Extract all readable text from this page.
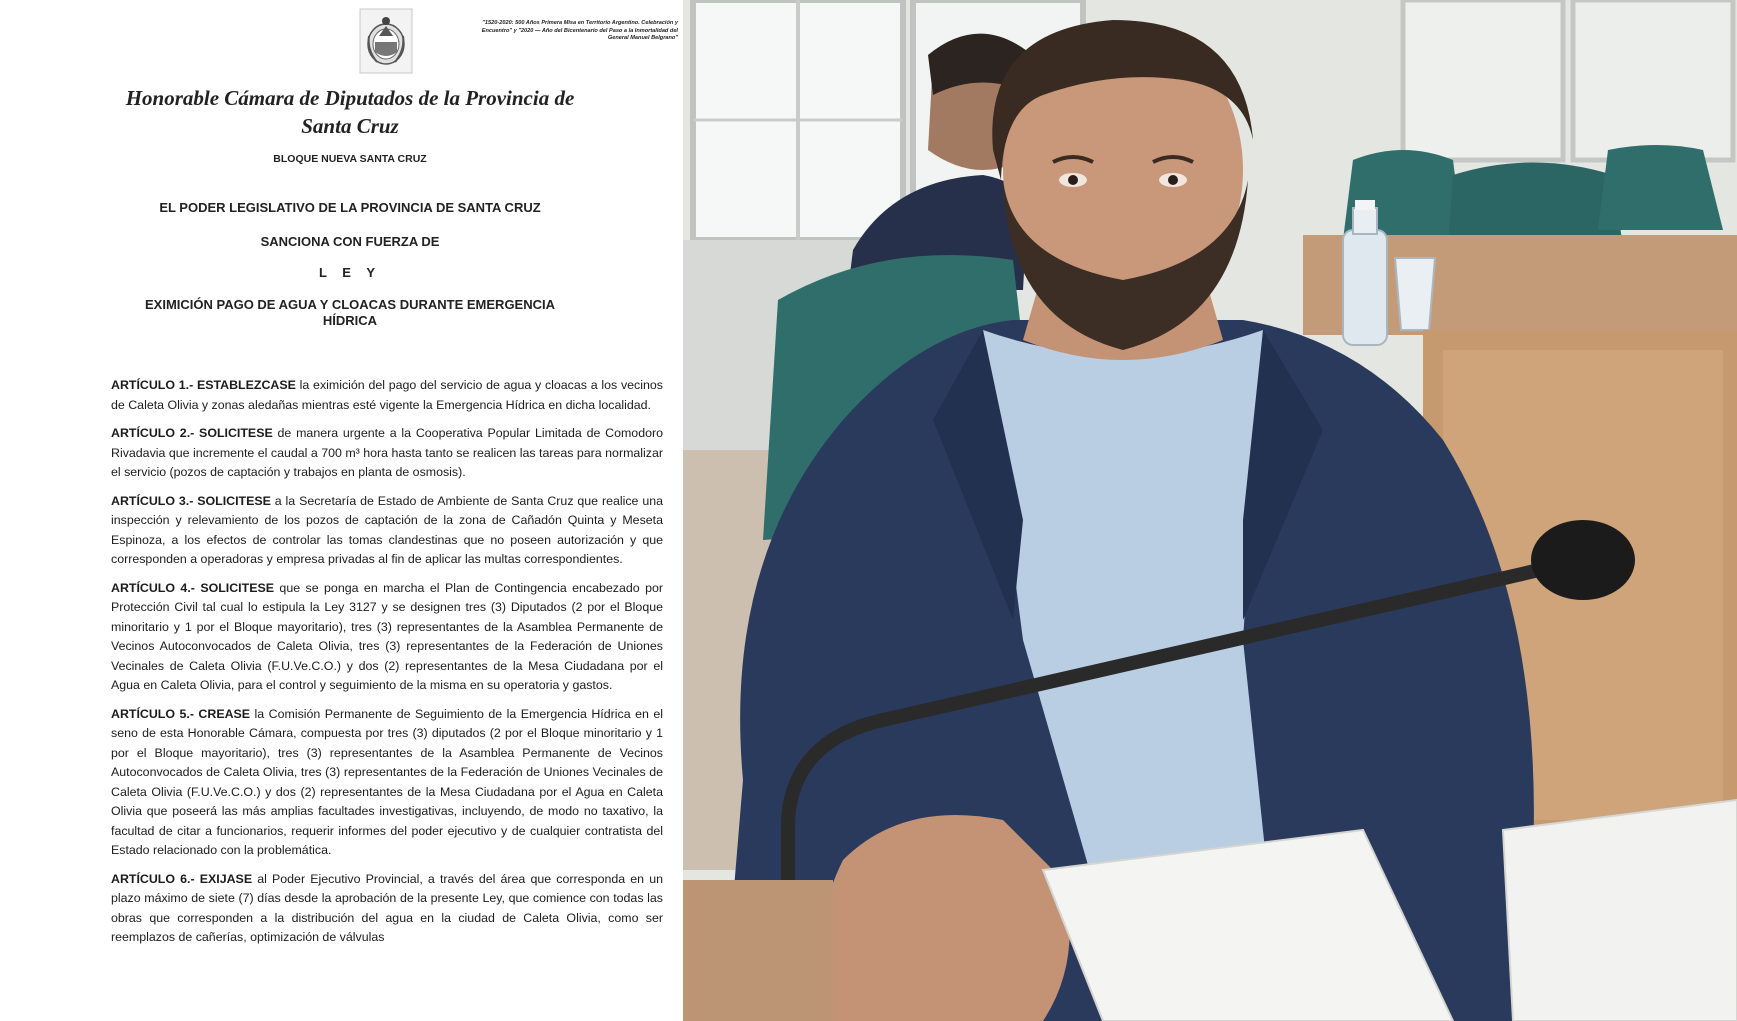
"1520-2020: 500 Años Primera Misa en Territorio Argentino. Celebración y Encuentro" y "2020 — Año del Bicentenario del Paso a la Inmortalidad del General Manuel Belgrano"
Honorable Cámara de Diputados de la Provincia de Santa Cruz
BLOQUE NUEVA SANTA CRUZ
EL PODER LEGISLATIVO DE LA PROVINCIA DE SANTA CRUZ
SANCIONA CON FUERZA DE
L E Y
EXIMICIÓN PAGO DE AGUA Y CLOACAS DURANTE EMERGENCIA HÍDRICA

ARTÍCULO 1.- ESTABLEZCASE la eximición del pago del servicio de agua y cloacas a los vecinos de Caleta Olivia y zonas aledañas mientras esté vigente la Emergencia Hídrica en dicha localidad.

ARTÍCULO 2.- SOLICITESE de manera urgente a la Cooperativa Popular Limitada de Comodoro Rivadavia que incremente el caudal a 700 m³ hora hasta tanto se realicen las tareas para normalizar el servicio (pozos de captación y trabajos en planta de osmosis).

ARTÍCULO 3.- SOLICITESE a la Secretaría de Estado de Ambiente de Santa Cruz que realice una inspección y relevamiento de los pozos de captación de la zona de Cañadón Quinta y Meseta Espinoza, a los efectos de controlar las tomas clandestinas que no poseen autorización y que corresponden a operadoras y empresa privadas al fin de aplicar las multas correspondientes.

ARTÍCULO 4.- SOLICITESE que se ponga en marcha el Plan de Contingencia encabezado por Protección Civil tal cual lo estipula la Ley 3127 y se designen tres (3) Diputados (2 por el Bloque minoritario y 1 por el Bloque mayoritario), tres (3) representantes de la Asamblea Permanente de Vecinos Autoconvocados de Caleta Olivia, tres (3) representantes de la Federación de Uniones Vecinales de Caleta Olivia (F.U.Ve.C.O.) y dos (2) representantes de la Mesa Ciudadana por el Agua en Caleta Olivia, para el control y seguimiento de la misma en su operatoria y gastos.

ARTÍCULO 5.- CREASE la Comisión Permanente de Seguimiento de la Emergencia Hídrica en el seno de esta Honorable Cámara, compuesta por tres (3) diputados (2 por el Bloque minoritario y 1 por el Bloque mayoritario), tres (3) representantes de la Asamblea Permanente de Vecinos Autoconvocados de Caleta Olivia, tres (3) representantes de la Federación de Uniones Vecinales de Caleta Olivia (F.U.Ve.C.O.) y dos (2) representantes de la Mesa Ciudadana por el Agua en Caleta Olivia que poseerá las más amplias facultades investigativas, incluyendo, de modo no taxativo, la facultad de citar a funcionarios, requerir informes del poder ejecutivo y de cualquier contratista del Estado relacionado con la problemática.

ARTÍCULO 6.- EXIJASE al Poder Ejecutivo Provincial, a través del área que corresponda en un plazo máximo de siete (7) días desde la aprobación de la presente Ley, que comience con todas las obras que corresponden a la distribución del agua en la ciudad de Caleta Olivia, como ser reemplazos de cañerías, optimización de válvulas
